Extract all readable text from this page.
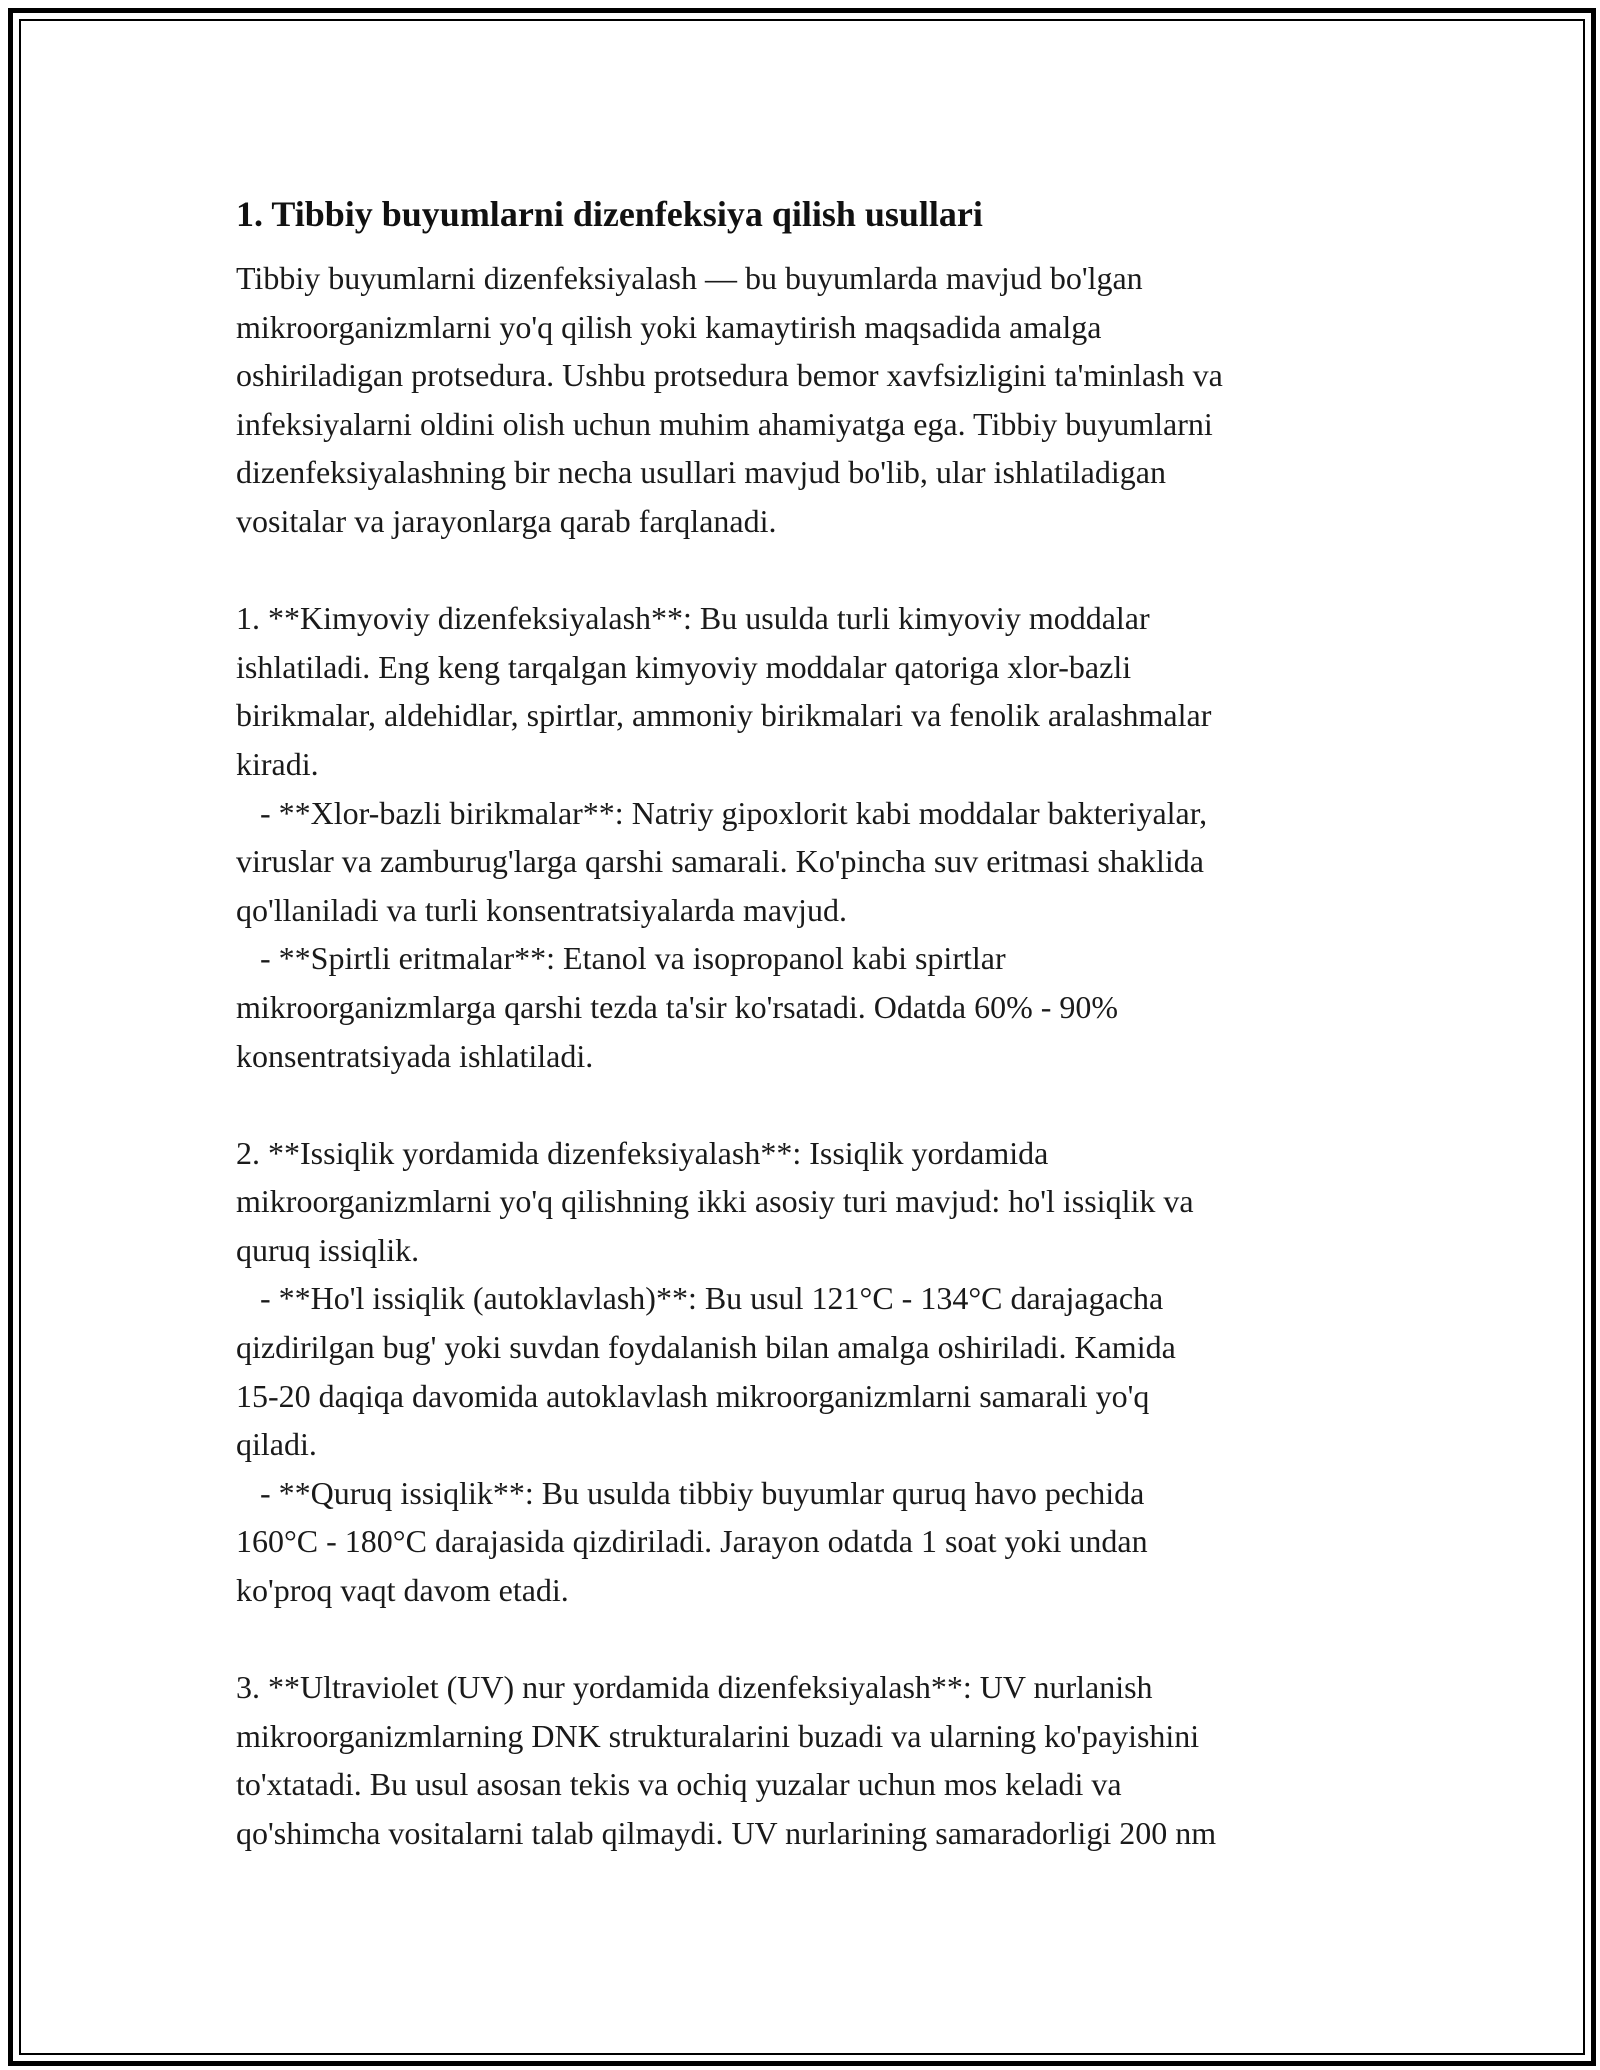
1. Tibbiy buyumlarni dizenfeksiya qilish usullari

Tibbiy buyumlarni dizenfeksiyalash — bu buyumlarda mavjud bo'lgan
mikroorganizmlarni yo'q qilish yoki kamaytirish maqsadida amalga
oshiriladigan protsedura. Ushbu protsedura bemor xavfsizligini ta'minlash va
infeksiyalarni oldini olish uchun muhim ahamiyatga ega. Tibbiy buyumlarni
dizenfeksiyalashning bir necha usullari mavjud bo'lib, ular ishlatiladigan
vositalar va jarayonlarga qarab farqlanadi.

1. **Kimyoviy dizenfeksiyalash**: Bu usulda turli kimyoviy moddalar
ishlatiladi. Eng keng tarqalgan kimyoviy moddalar qatoriga xlor-bazli
birikmalar, aldehidlar, spirtlar, ammoniy birikmalari va fenolik aralashmalar
kiradi.
- **Xlor-bazli birikmalar**: Natriy gipoxlorit kabi moddalar bakteriyalar,
viruslar va zamburug'larga qarshi samarali. Ko'pincha suv eritmasi shaklida
qo'llaniladi va turli konsentratsiyalarda mavjud.
- **Spirtli eritmalar**: Etanol va isopropanol kabi spirtlar
mikroorganizmlarga qarshi tezda ta'sir ko'rsatadi. Odatda 60% - 90%
konsentratsiyada ishlatiladi.

2. **Issiqlik yordamida dizenfeksiyalash**: Issiqlik yordamida
mikroorganizmlarni yo'q qilishning ikki asosiy turi mavjud: ho'l issiqlik va
quruq issiqlik.
- **Ho'l issiqlik (autoklavlash)**: Bu usul 121°C - 134°C darajagacha
qizdirilgan bug' yoki suvdan foydalanish bilan amalga oshiriladi. Kamida
15-20 daqiqa davomida autoklavlash mikroorganizmlarni samarali yo'q
qiladi.
- **Quruq issiqlik**: Bu usulda tibbiy buyumlar quruq havo pechida
160°C - 180°C darajasida qizdiriladi. Jarayon odatda 1 soat yoki undan
ko'proq vaqt davom etadi.

3. **Ultraviolet (UV) nur yordamida dizenfeksiyalash**: UV nurlanish
mikroorganizmlarning DNK strukturalarini buzadi va ularning ko'payishini
to'xtatadi. Bu usul asosan tekis va ochiq yuzalar uchun mos keladi va
qo'shimcha vositalarni talab qilmaydi. UV nurlarining samaradorligi 200 nm
